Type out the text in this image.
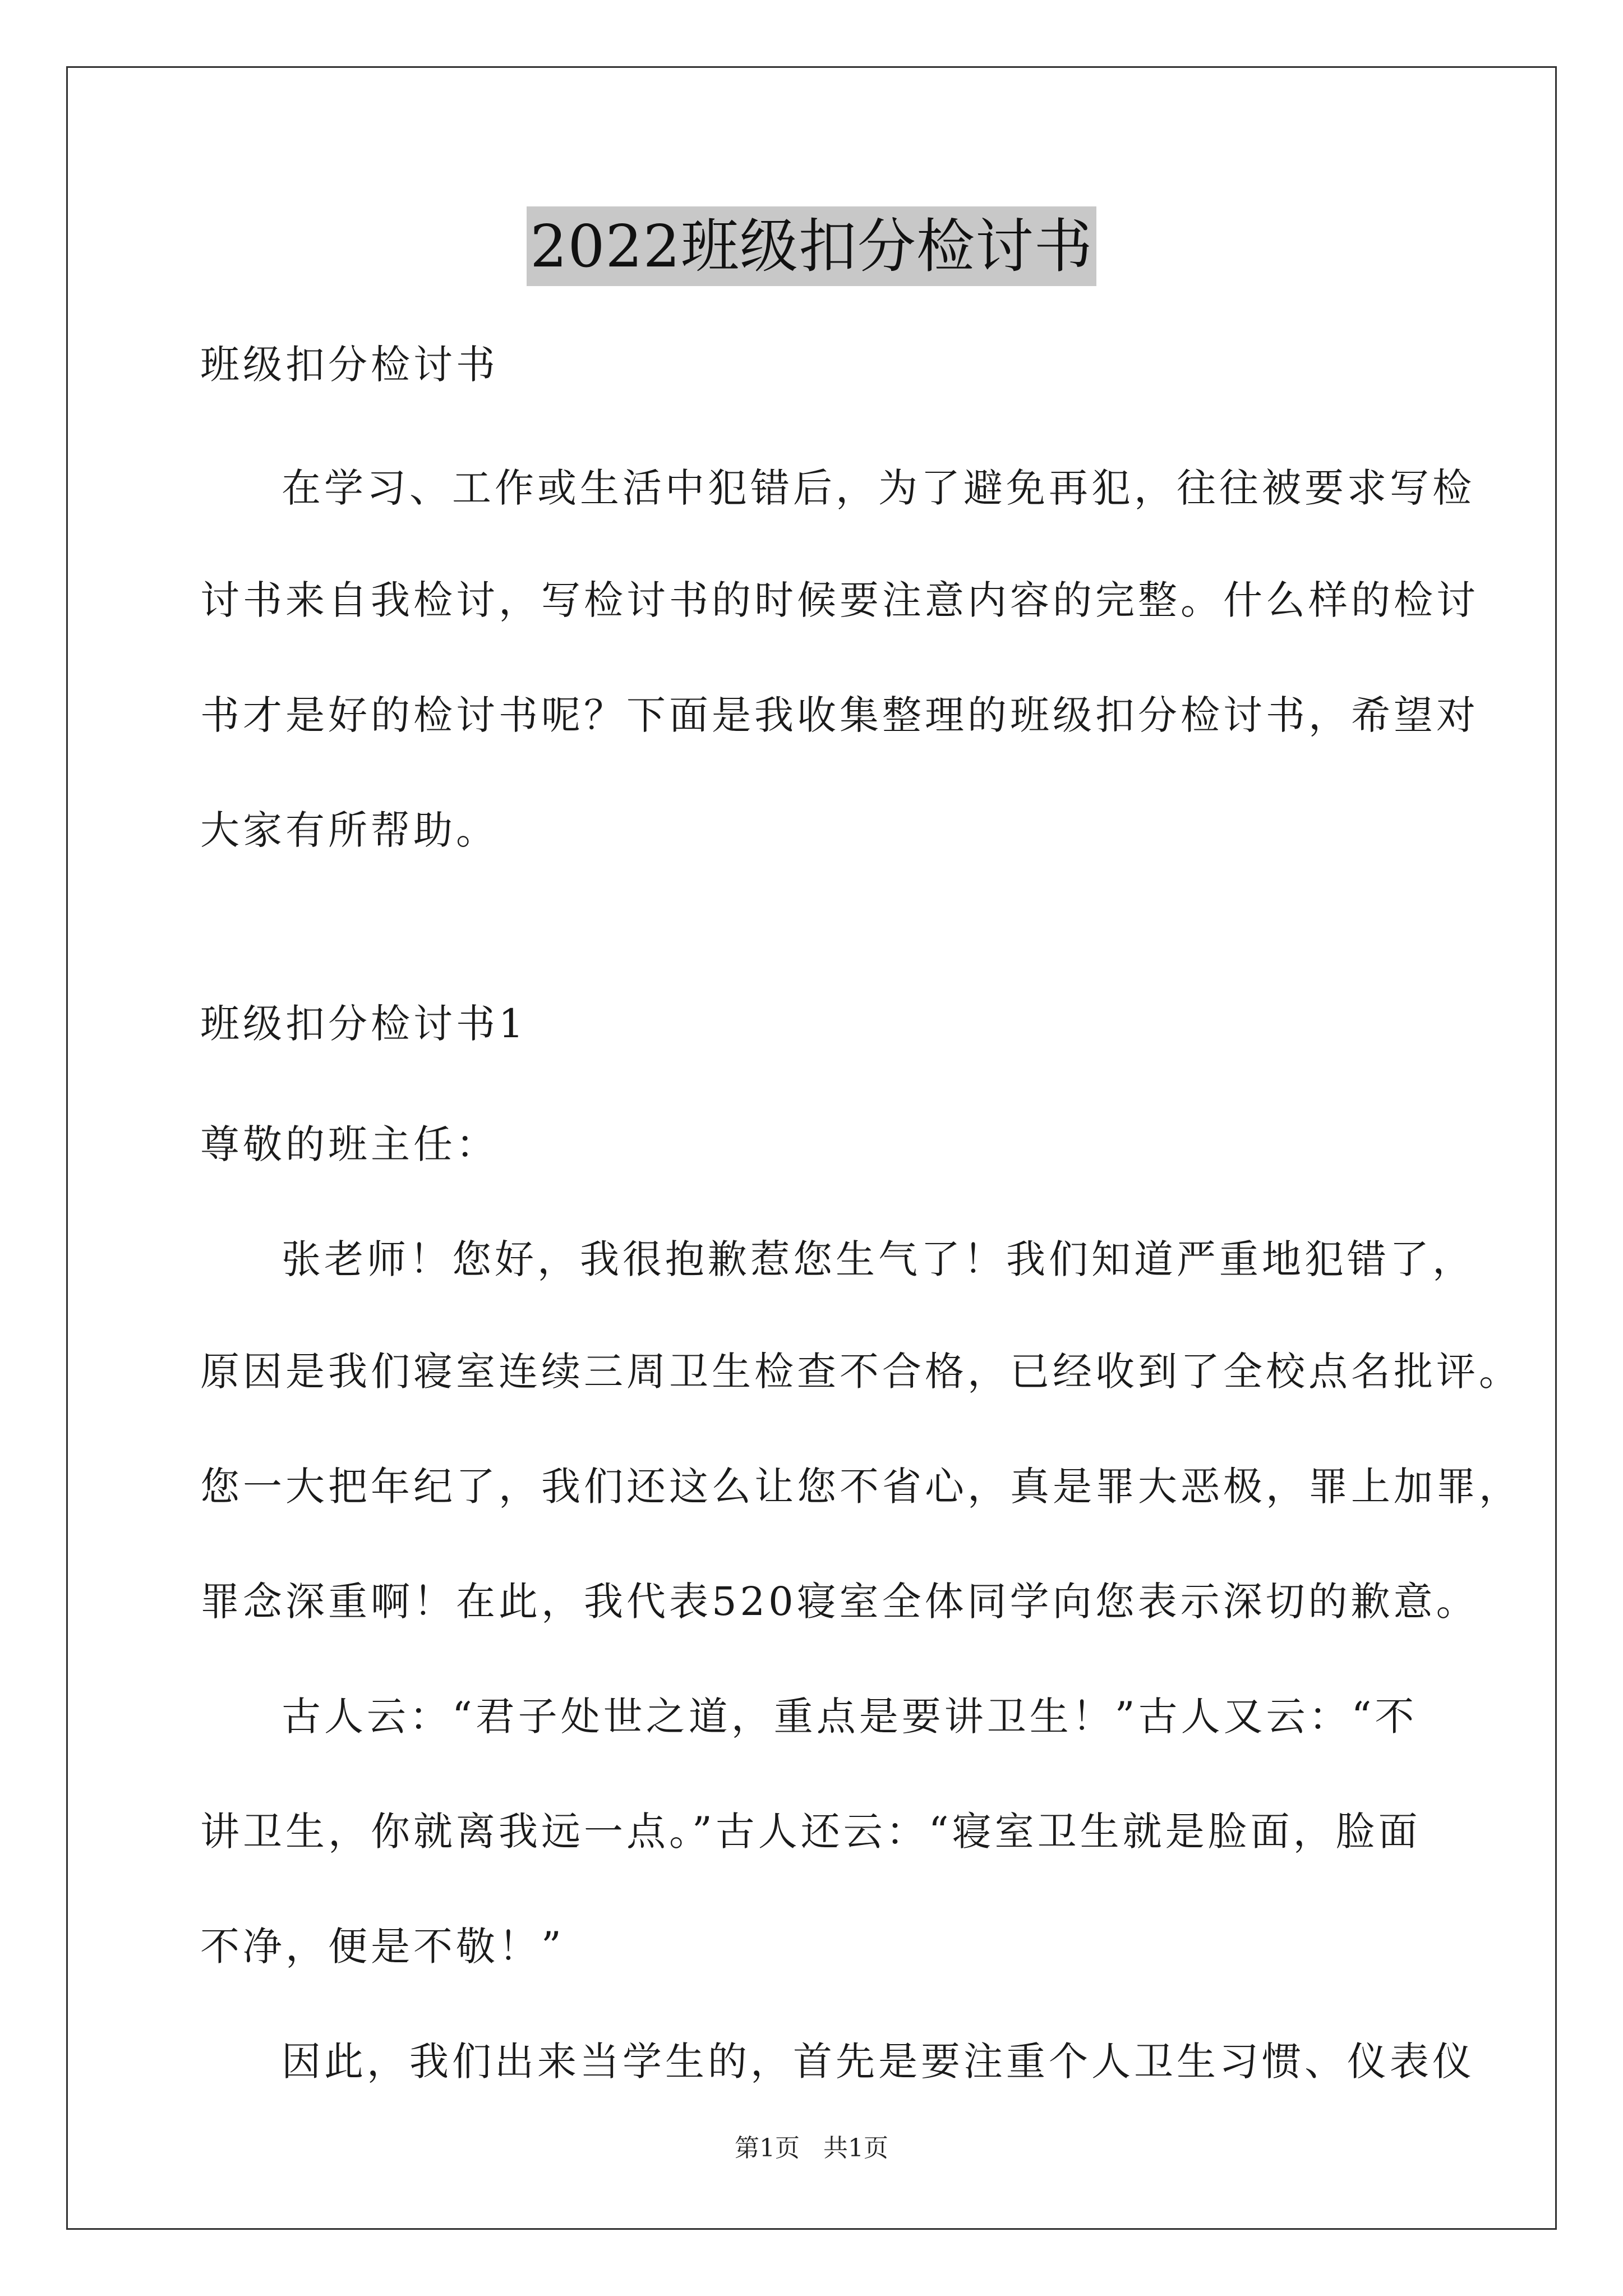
2022班级扣分检讨书
班级扣分检讨书
在学习、工作或生活中犯错后，为了避免再犯，往往被要求写检
讨书来自我检讨，写检讨书的时候要注意内容的完整。什么样的检讨
书才是好的检讨书呢？下面是我收集整理的班级扣分检讨书，希望对
大家有所帮助。
班级扣分检讨书1
尊敬的班主任：
张老师！您好，我很抱歉惹您生气了！我们知道严重地犯错了，
原因是我们寝室连续三周卫生检查不合格，已经收到了全校点名批评。
您一大把年纪了，我们还这么让您不省心，真是罪大恶极，罪上加罪，
罪念深重啊！在此，我代表520寝室全体同学向您表示深切的歉意。
古人云：“君子处世之道，重点是要讲卫生！”古人又云：“不
讲卫生，你就离我远一点。”古人还云：“寝室卫生就是脸面，脸面
不净，便是不敬！”
因此，我们出来当学生的，首先是要注重个人卫生习惯、仪表仪
第1页 共1页
